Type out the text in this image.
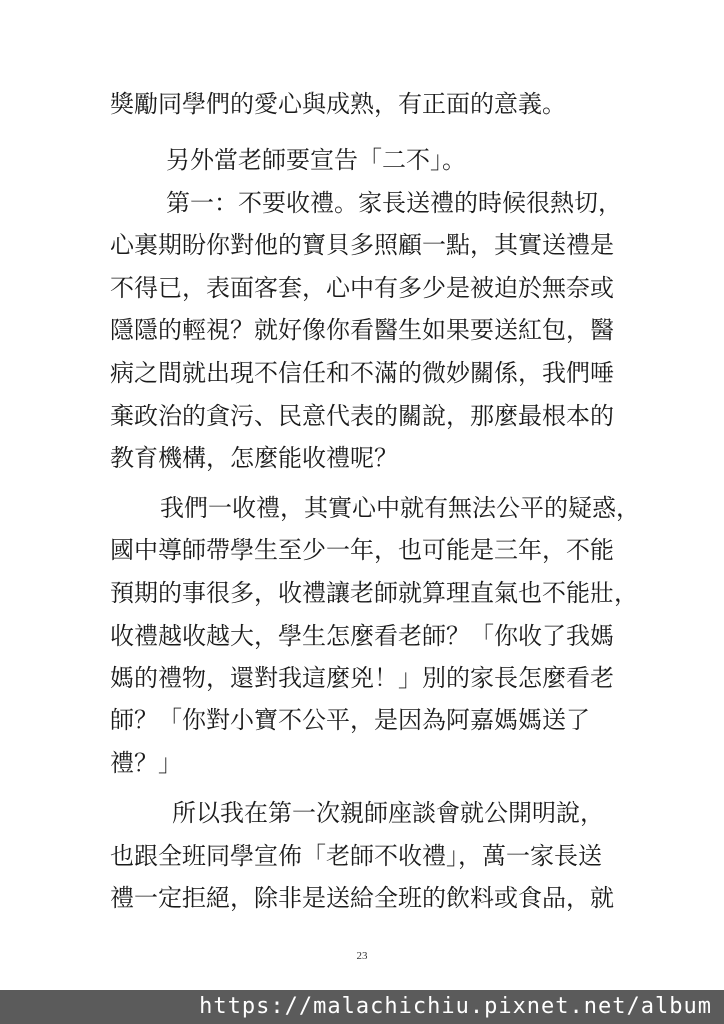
獎勵同學們的愛心與成熟，有正面的意義。
另外當老師要宣告「二不」。
第一：不要收禮。家長送禮的時候很熱切，
心裏期盼你對他的寶貝多照顧一點，其實送禮是
不得已，表面客套，心中有多少是被迫於無奈或
隱隱的輕視？就好像你看醫生如果要送紅包，醫
病之間就出現不信任和不滿的微妙關係，我們唾
棄政治的貪污、民意代表的關說，那麼最根本的
教育機構，怎麼能收禮呢？
我們一收禮，其實心中就有無法公平的疑惑，
國中導師帶學生至少一年，也可能是三年，不能
預期的事很多，收禮讓老師就算理直氣也不能壯，
收禮越收越大，學生怎麼看老師？「你收了我媽
媽的禮物，還對我這麼兇！」別的家長怎麼看老
師？「你對小寶不公平，是因為阿嘉媽媽送了
禮？」
所以我在第一次親師座談會就公開明說，
也跟全班同學宣佈「老師不收禮」，萬一家長送
禮一定拒絕，除非是送給全班的飲料或食品，就
23
https://malachichiu.pixnet.net/album
